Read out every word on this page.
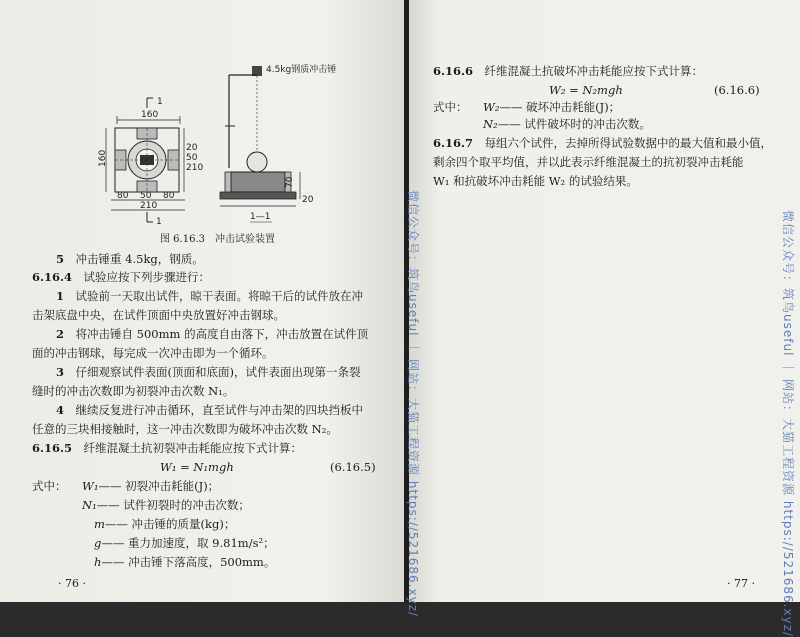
1
160
160
20
50
210
80 50 80
210
1
4.5kg钢质冲击锤
20
70
1—1
图 6.16.3　冲击试验装置
5　 冲击锤重 4.5kg，钢质。
6.16.4　 试验应按下列步骤进行：
1　 试验前一天取出试件，晾干表面。将晾干后的试件放在冲
击架底盘中央，在试件顶面中央放置好冲击钢球。
2　 将冲击锤自 500mm 的高度自由落下，冲击放置在试件顶
面的冲击钢球，每完成一次冲击即为一个循环。
3　 仔细观察试件表面(顶面和底面)，试件表面出现第一条裂
缝时的冲击次数即为初裂冲击次数 N₁。
4　 继续反复进行冲击循环，直至试件与冲击架的四块挡板中
任意的三块相接触时，这一冲击次数即为破坏冲击次数 N₂。
6.16.5　 纤维混凝土抗初裂冲击耗能应按下式计算：
W₁ = N₁mgh	(6.16.5)
式中： W₁—— 初裂冲击耗能(J)；
N₁—— 试件初裂时的冲击次数；
m—— 冲击锤的质量(kg)；
g—— 重力加速度，取 9.81m/s²；
h—— 冲击锤下落高度，500mm。
· 76 ·
6.16.6　 纤维混凝土抗破坏冲击耗能应按下式计算：
W₂ = N₂mgh	(6.16.6)
式中： W₂—— 破坏冲击耗能(J)；
N₂—— 试件破坏时的冲击次数。
6.16.7　 每组六个试件，去掉所得试验数据中的最大值和最小值，
剩余四个取平均值，并以此表示纤维混凝土的抗初裂冲击耗能
W₁ 和抗破坏冲击耗能 W₂ 的试验结果。
· 77 ·
微信公众号：筑鸟useful ｜ 网站：大猫工程资源 https://521686.xyz/	微信公众号：筑鸟useful ｜ 网站：大猫工程资源 https://521686.xyz/
